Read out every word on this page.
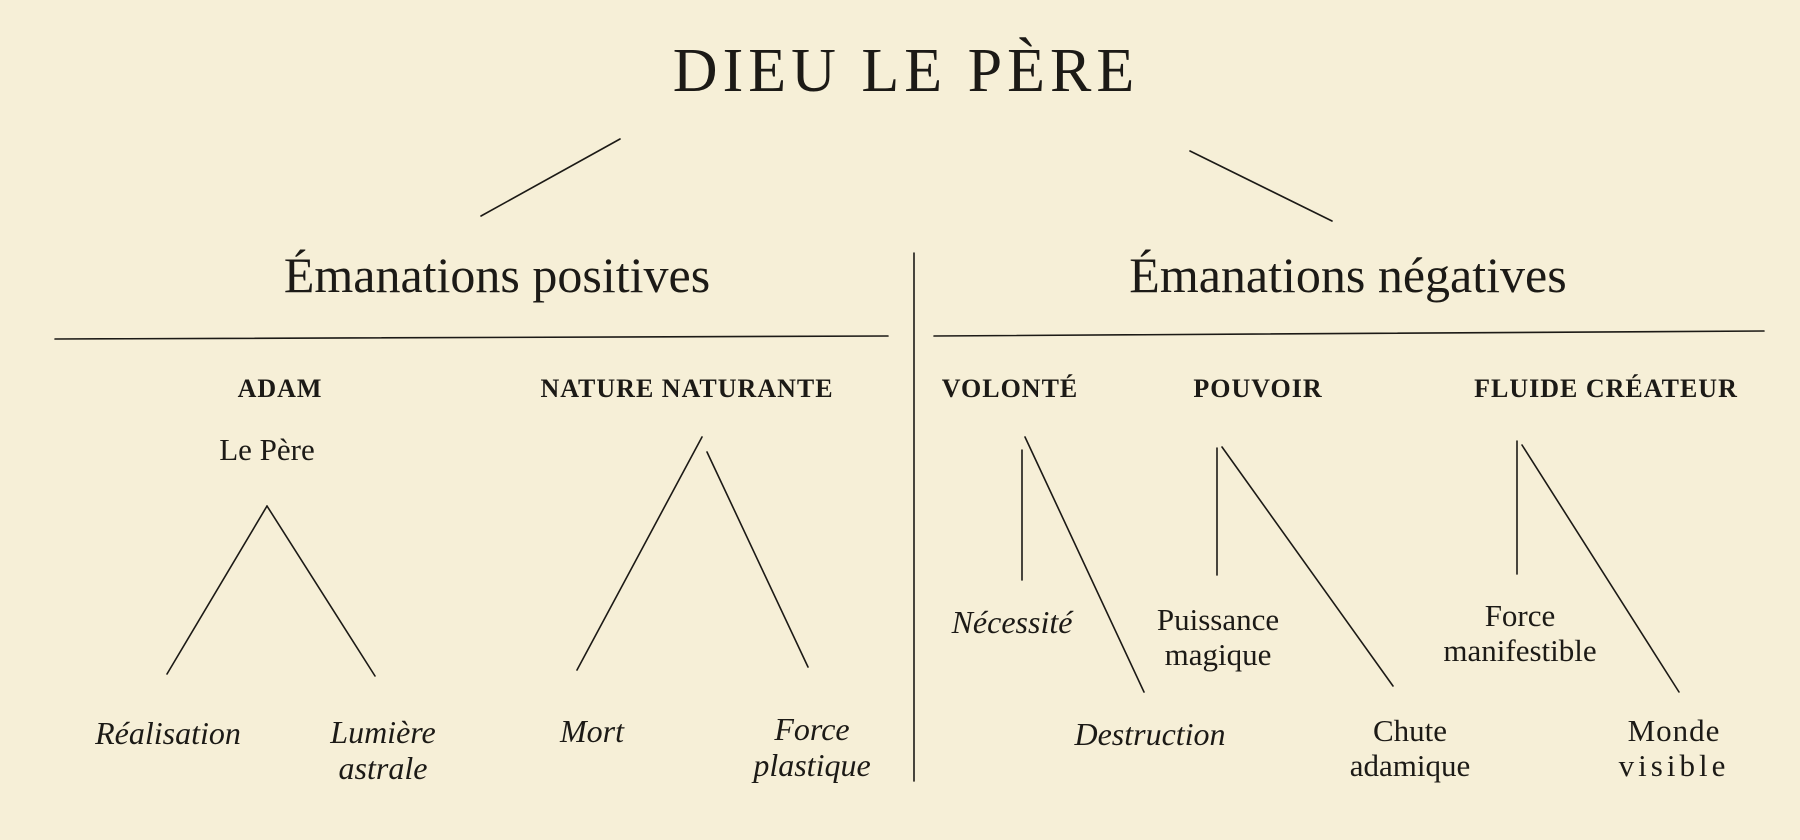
DIEU LE PÈRE
Émanations positives	Émanations négatives
ADAM	NATURE NATURANTE	VOLONTÉ	POUVOIR	FLUIDE CRÉATEUR
Le Père
Réalisation	Lumière
astrale
Mort	Force
plastique
Nécessité
Destruction
Puissance
magique
Chute
adamique
Force
manifestible
Monde
visible
